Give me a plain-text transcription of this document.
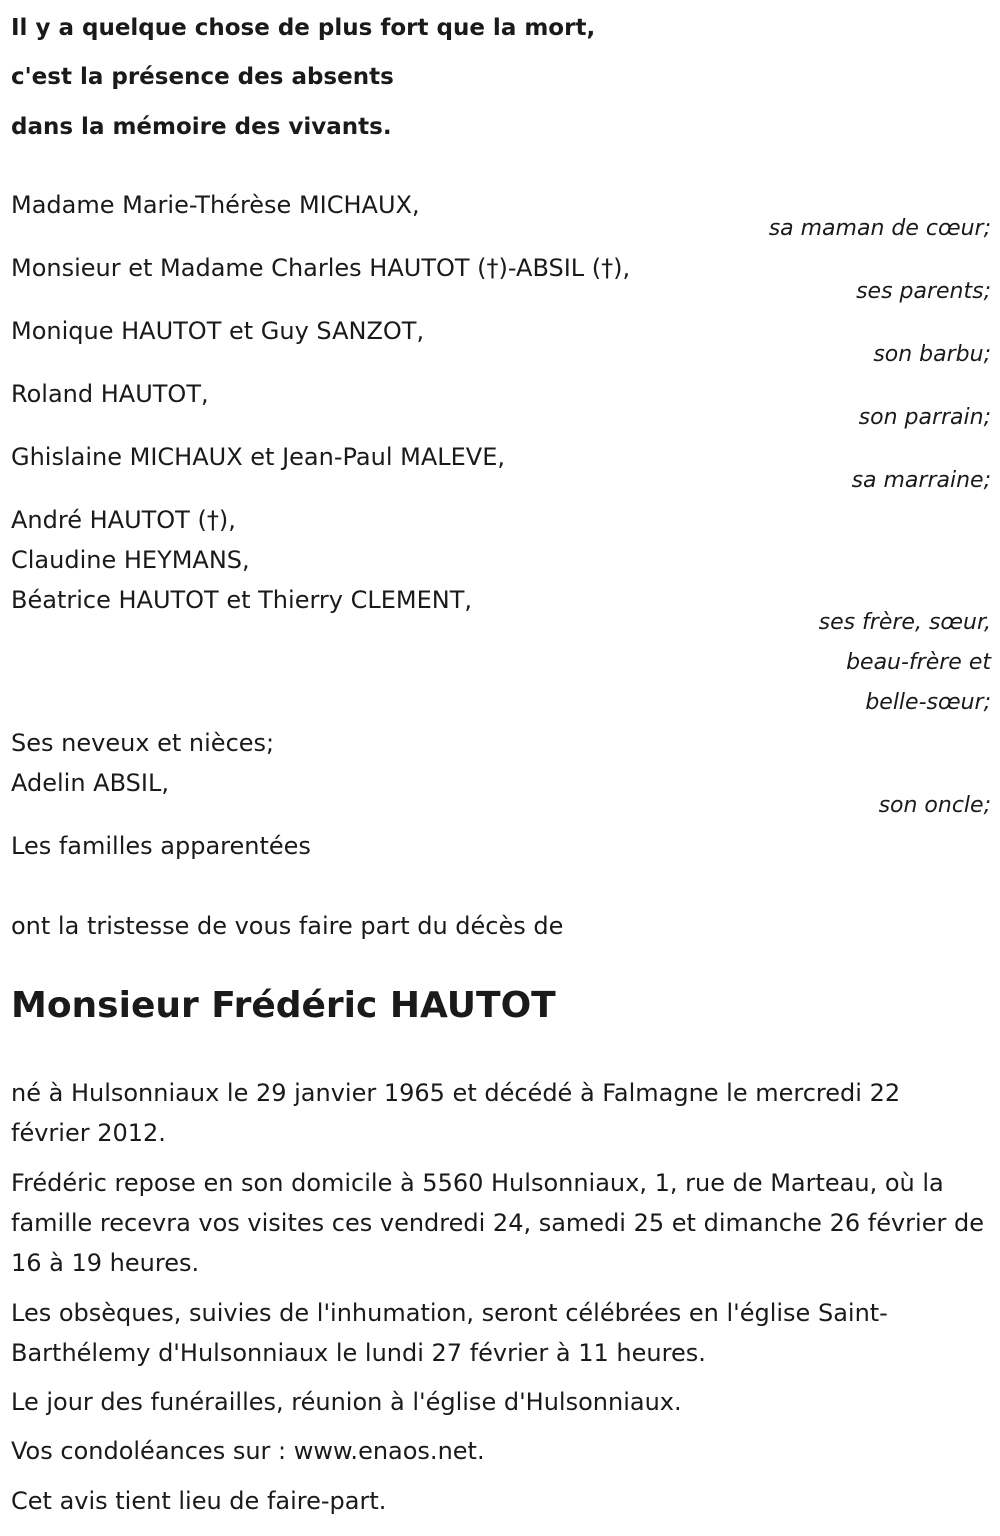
Il y a quelque chose de plus fort que la mort,
c'est la présence des absents
dans la mémoire des vivants.
Madame Marie-Thérèse MICHAUX,
sa maman de cœur;
Monsieur et Madame Charles HAUTOT (†)-ABSIL (†),
ses parents;
Monique HAUTOT et Guy SANZOT,
son barbu;
Roland HAUTOT,
son parrain;
Ghislaine MICHAUX et Jean-Paul MALEVE,
sa marraine;
André HAUTOT (†),
Claudine HEYMANS,
Béatrice HAUTOT et Thierry CLEMENT,
ses frère, sœur,
beau-frère et
belle-sœur;
Ses neveux et nièces;
Adelin ABSIL,
son oncle;
Les familles apparentées
ont la tristesse de vous faire part du décès de
Monsieur Frédéric HAUTOT
né à Hulsonniaux le 29 janvier 1965 et décédé à Falmagne le mercredi 22 février 2012.
Frédéric repose en son domicile à 5560 Hulsonniaux, 1, rue de Marteau, où la famille recevra vos visites ces vendredi 24, samedi 25 et dimanche 26 février de 16 à 19 heures.
Les obsèques, suivies de l'inhumation, seront célébrées en l'église Saint-Barthélemy d'Hulsonniaux le lundi 27 février à 11 heures.
Le jour des funérailles, réunion à l'église d'Hulsonniaux.
Vos condoléances sur : www.enaos.net.
Cet avis tient lieu de faire-part.
